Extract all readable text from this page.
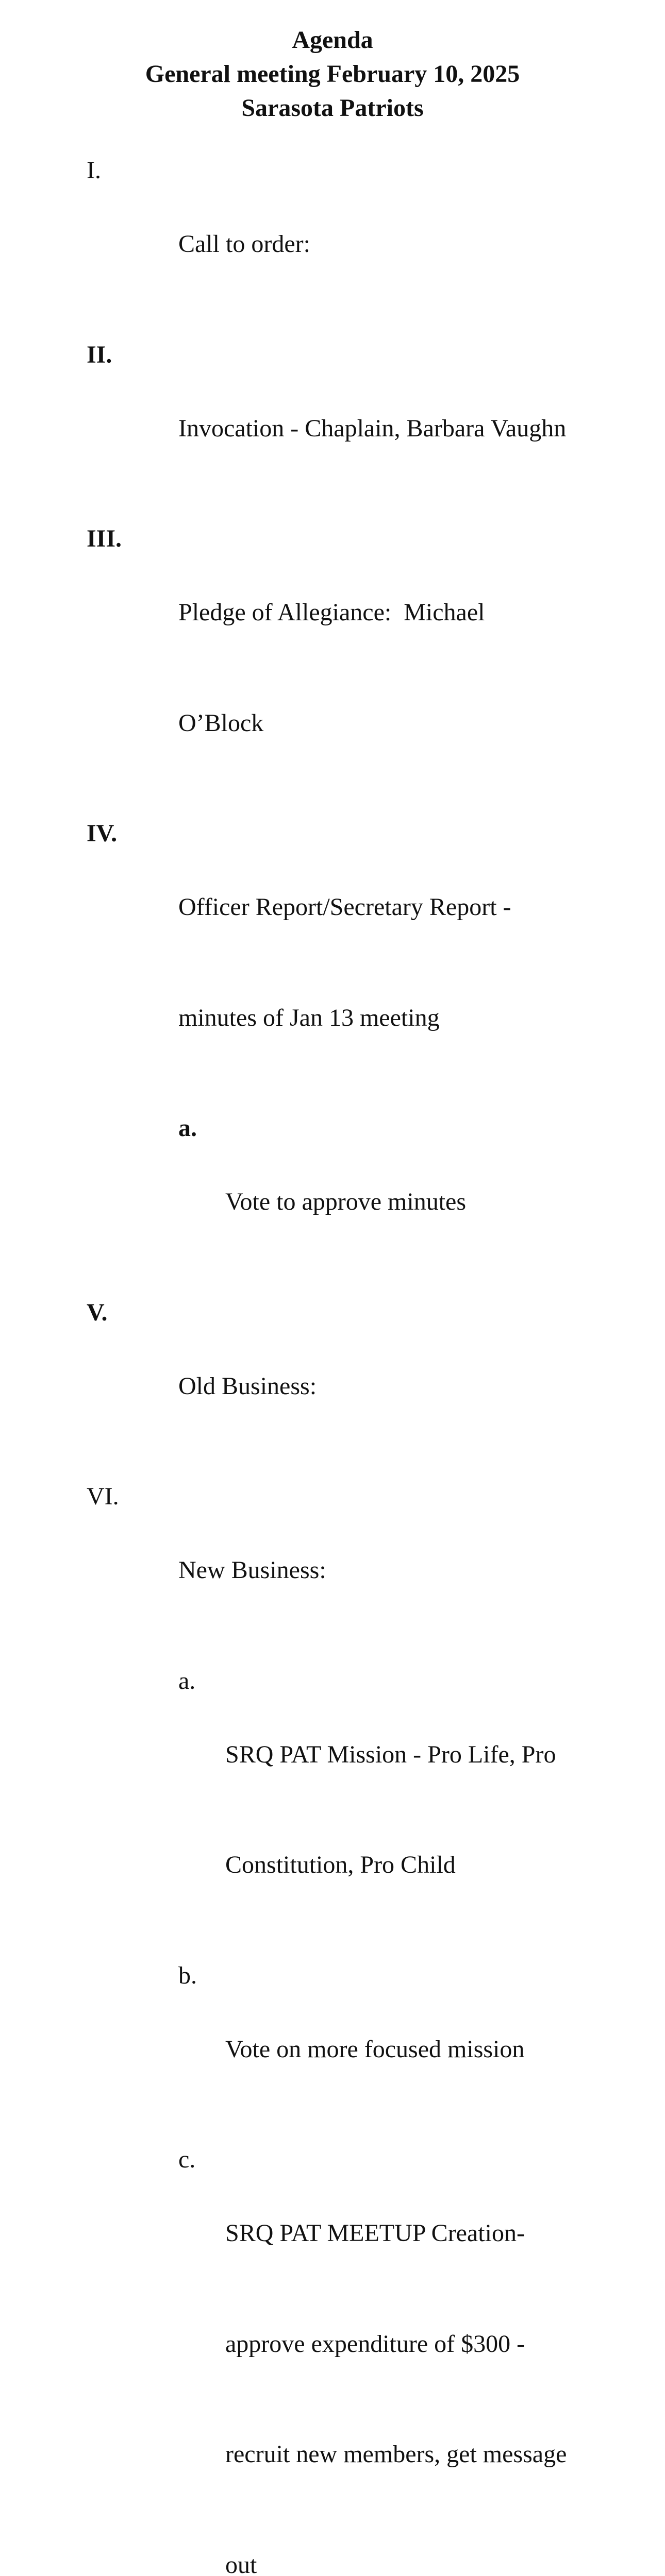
Agenda
General meeting February 10, 2025
Sarasota Patriots
I.

Call to order:

II.

Invocation - Chaplain, Barbara Vaughn

III.

Pledge of Allegiance:  Michael

O’Block

IV.

Officer Report/Secretary Report -

minutes of Jan 13 meeting

a.

Vote to approve minutes

V.

Old Business:

VI.

New Business:

a.

SRQ PAT Mission - Pro Life, Pro

Constitution, Pro Child

b.

Vote on more focused mission

c.

SRQ PAT MEETUP Creation-

approve expenditure of $300 -

recruit new members, get message

out
